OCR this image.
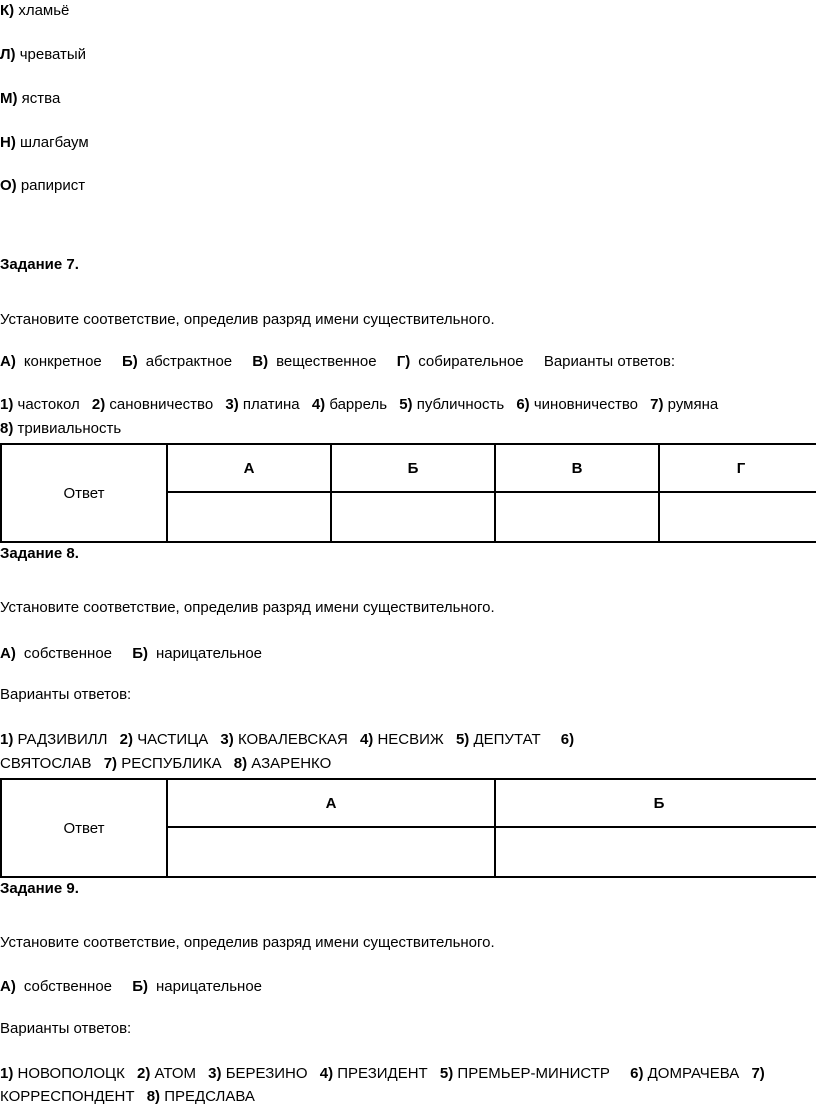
К) хламьё
Л) чреватый
М) яства
Н) шлагбаум
О) рапирист
Задание 7.
Установите соответствие, определив разряд имени существительного.
А) конкретное Б) абстрактное В) вещественное Г) собирательное Варианты ответов:
1) частокол 2) сановничество 3) платина 4) баррель 5) публичность 6) чиновничество 7) румяна
8) тривиальность
Ответ	А	Б	В	Г

Задание 8.
Установите соответствие, определив разряд имени существительного.
А) собственное Б) нарицательное
Варианты ответов:
1) РАДЗИВИЛЛ 2) ЧАСТИЦА 3) КОВАЛЕВСКАЯ 4) НЕСВИЖ 5) ДЕПУТАТ 6)
СВЯТОСЛАВ 7) РЕСПУБЛИКА 8) АЗАРЕНКО
Ответ	А	Б

Задание 9.
Установите соответствие, определив разряд имени существительного.
А) собственное Б) нарицательное
Варианты ответов:
1) НОВОПОЛОЦК 2) АТОМ 3) БЕРЕЗИНО 4) ПРЕЗИДЕНТ 5) ПРЕМЬЕР-МИНИСТР 6) ДОМРАЧЕВА 7)
КОРРЕСПОНДЕНТ 8) ПРЕДСЛАВА
